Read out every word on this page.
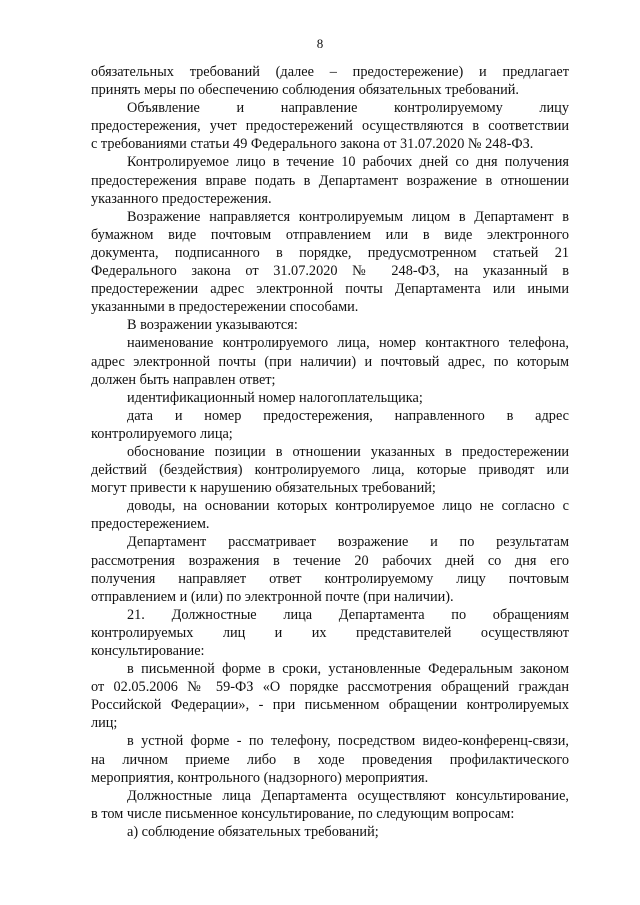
8
обязательных требований (далее – предостережение) и предлагает
принять меры по обеспечению соблюдения обязательных требований.
Объявление и направление контролируемому лицу
предостережения, учет предостережений осуществляются в соответствии
с требованиями статьи 49 Федерального закона от 31.07.2020 № 248-ФЗ.
Контролируемое лицо в течение 10 рабочих дней со дня получения
предостережения вправе подать в Департамент возражение в отношении
указанного предостережения.
Возражение направляется контролируемым лицом в Департамент в
бумажном виде почтовым отправлением или в виде электронного
документа, подписанного в порядке, предусмотренном статьей 21
Федерального закона от 31.07.2020 № 248-ФЗ, на указанный в
предостережении адрес электронной почты Департамента или иными
указанными в предостережении способами.
В возражении указываются:
наименование контролируемого лица, номер контактного телефона,
адрес электронной почты (при наличии) и почтовый адрес, по которым
должен быть направлен ответ;
идентификационный номер налогоплательщика;
дата и номер предостережения, направленного в адрес
контролируемого лица;
обоснование позиции в отношении указанных в предостережении
действий (бездействия) контролируемого лица, которые приводят или
могут привести к нарушению обязательных требований;
доводы, на основании которых контролируемое лицо не согласно с
предостережением.
Департамент рассматривает возражение и по результатам
рассмотрения возражения в течение 20 рабочих дней со дня его
получения направляет ответ контролируемому лицу почтовым
отправлением и (или) по электронной почте (при наличии).
21. Должностные лица Департамента по обращениям
контролируемых лиц и их представителей осуществляют
консультирование:
в письменной форме в сроки, установленные Федеральным законом
от 02.05.2006 № 59-ФЗ «О порядке рассмотрения обращений граждан
Российской Федерации», - при письменном обращении контролируемых
лиц;
в устной форме - по телефону, посредством видео-конференц-связи,
на личном приеме либо в ходе проведения профилактического
мероприятия, контрольного (надзорного) мероприятия.
Должностные лица Департамента осуществляют консультирование,
в том числе письменное консультирование, по следующим вопросам:
а) соблюдение обязательных требований;
